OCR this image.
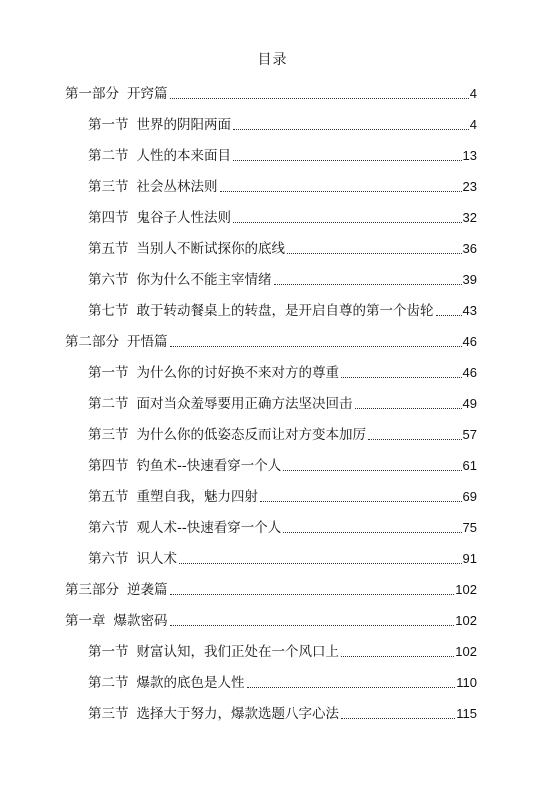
目录
第一部分 开窍篇	4
第一节 世界的阴阳两面	4
第二节 人性的本来面目	13
第三节 社会丛林法则	23
第四节 鬼谷子人性法则	32
第五节 当别人不断试探你的底线	36
第六节 你为什么不能主宰情绪	39
第七节 敢于转动餐桌上的转盘，是开启自尊的第一个齿轮 43
第二部分 开悟篇	46
第一节 为什么你的讨好换不来对方的尊重	46
第二节 面对当众羞辱要用正确方法坚决回击	49
第三节 为什么你的低姿态反而让对方变本加厉	57
第四节 钓鱼术--快速看穿一个人	61
第五节 重塑自我，魅力四射	69
第六节 观人术--快速看穿一个人	75
第六节 识人术	91
第三部分 逆袭篇	102
第一章 爆款密码	102
第一节 财富认知，我们正处在一个风口上	102
第二节 爆款的底色是人性	110
第三节 选择大于努力，爆款选题八字心法	115
